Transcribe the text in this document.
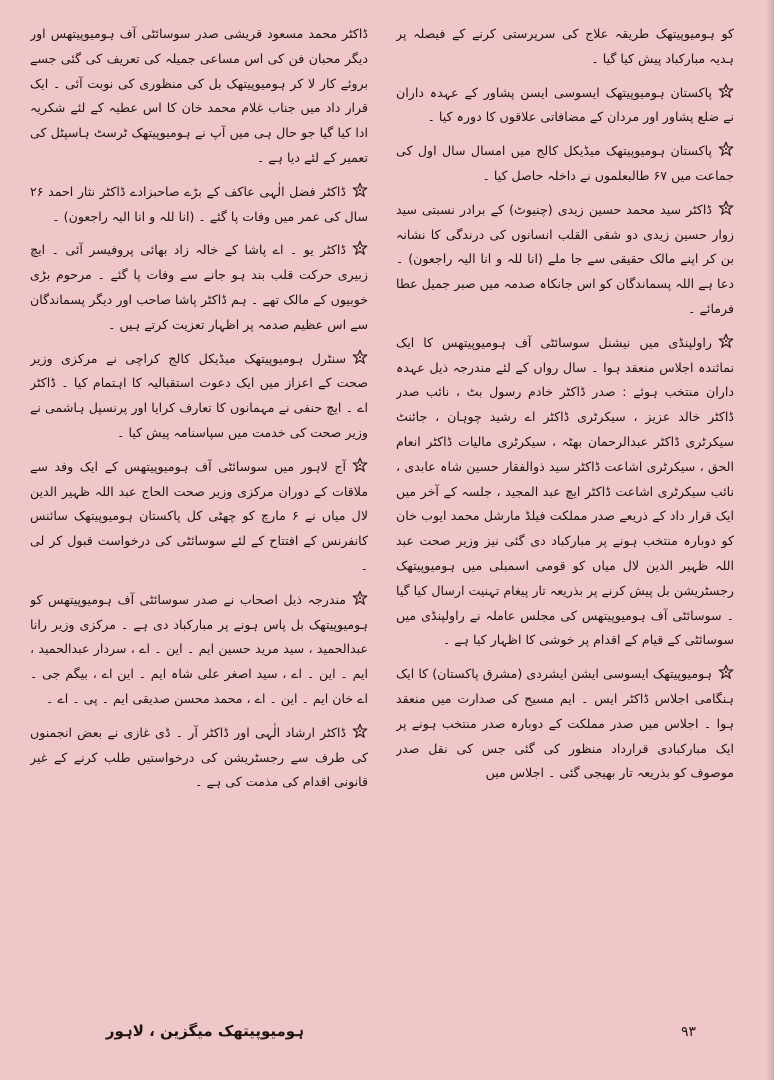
کو ہومیوپیتھک طریقہ علاج کی سرپرستی کرنے کے فیصلہ پر ہدیہ مبارکباد پیش کیا گیا ۔

پاکستان ہومیوپیتھک ایسوسی ایسن پشاور کے عہدہ داران نے ضلع پشاور اور مردان کے مضافاتی علاقوں کا دورہ کیا ۔

پاکستان ہومیوپیتھک میڈیکل کالج میں امسال سال اول کی جماعت میں ۶۷ طالبعلموں نے داخلہ حاصل کیا ۔

ڈاکٹر سید محمد حسین زیدی (چنیوٹ) کے برادر نسبتی سید زوار حسین زیدی دو شقی القلب انسانوں کی درندگی کا نشانہ بن کر اپنے مالک حقیقی سے جا ملے (انا للہ و انا الیہ راجعون) ۔ دعا ہے اللہ پسماندگان کو اس جانکاہ صدمہ میں صبر جمیل عطا فرمائے ۔

راولپنڈی میں نیشنل سوسائٹی آف ہومیوپیتھس کا ایک نمائندہ اجلاس منعقد ہوا ۔ سال رواں کے لئے مندرجہ ذیل عہدہ داران منتخب ہوئے : صدر ڈاکٹر خادم رسول بٹ ، نائب صدر ڈاکٹر خالد عزیز ، سیکرٹری ڈاکٹر اے رشید چوہان ، جائنٹ سیکرٹری ڈاکٹر عبدالرحمان بھٹہ ، سیکرٹری مالیات ڈاکٹر انعام الحق ، سیکرٹری اشاعت ڈاکٹر سید ذوالفقار حسین شاہ عابدی ، نائب سیکرٹری اشاعت ڈاکٹر ایچ عبد المجید ، جلسہ کے آخر میں ایک قرار داد کے ذریعے صدر مملکت فیلڈ مارشل محمد ایوب خان کو دوبارہ منتخب ہونے پر مبارکباد دی گئی نیز وزیر صحت عبد اللہ ظہیر الدین لال میاں کو قومی اسمبلی میں ہومیوپیتھک رجسٹریشن بل پیش کرنے پر بذریعہ تار پیغام تہنیت ارسال کیا گیا ۔ سوسائٹی آف ہومیوپیتھس کی مجلس عاملہ نے راولپنڈی میں سوسائٹی کے قیام کے اقدام پر خوشی کا اظہار کیا ہے ۔

ہومیوپیتھک ایسوسی ایشن ایشردی (مشرق پاکستان) کا ایک ہنگامی اجلاس ڈاکٹر ایس ۔ ایم مسیح کی صدارت میں منعقد ہوا ۔ اجلاس میں صدر مملکت کے دوبارہ صدر منتخب ہونے پر ایک مبارکبادی قرارداد منظور کی گئی جس کی نقل صدر موصوف کو بذریعہ تار بھیجی گئی ۔ اجلاس میں

ڈاکٹر محمد مسعود قریشی صدر سوسائٹی آف ہومیوپیتھس اور دیگر محبان فن کی اس مساعی جمیلہ کی تعریف کی گئی جسے بروئے کار لا کر ہومیوپیتھک بل کی منظوری کی نوبت آئی ۔ ایک قرار داد میں جناب غلام محمد خان کا اس عطیہ کے لئے شکریہ ادا کیا گیا جو حال ہی میں آپ نے ہومیوپیتھک ٹرسٹ ہاسپٹل کی تعمیر کے لئے دیا ہے ۔

ڈاکٹر فضل الٰہی عاکف کے بڑے صاحبزادے ڈاکٹر نثار احمد ۲۶ سال کی عمر میں وفات پا گئے ۔ (انا للہ و انا الیہ راجعون) ۔

ڈاکٹر یو ۔ اے پاشا کے خالہ زاد بھائی پروفیسر آئی ۔ ایچ زبیری حرکت قلب بند ہو جانے سے وفات پا گئے ۔ مرحوم بڑی خوبیوں کے مالک تھے ۔ ہم ڈاکٹر پاشا صاحب اور دیگر پسماندگان سے اس عظیم صدمہ پر اظہار تعزیت کرتے ہیں ۔

سنٹرل ہومیوپیتھک میڈیکل کالج کراچی نے مرکزی وزیر صحت کے اعزاز میں ایک دعوت استقبالیہ کا اہتمام کیا ۔ ڈاکٹر اے ۔ ایچ حنفی نے مہمانوں کا تعارف کرایا اور پرنسپل ہاشمی نے وزیر صحت کی خدمت میں سپاسنامہ پیش کیا ۔

آج لاہور میں سوسائٹی آف ہومیوپیتھس کے ایک وفد سے ملاقات کے دوران مرکزی وزیر صحت الحاج عبد اللہ ظہیر الدین لال میاں نے ۶ مارچ کو چھٹی کل پاکستان ہومیوپیتھک سائنس کانفرنس کے افتتاح کے لئے سوسائٹی کی درخواست قبول کر لی ۔

مندرجہ ذیل اصحاب نے صدر سوسائٹی آف ہومیوپیتھس کو ہومیوپیتھک بل پاس ہونے پر مبارکباد دی ہے ۔ مرکزی وزیر رانا عبدالحمید ، سید مرید حسین ایم ۔ این ۔ اے ، سردار عبدالحمید ، ایم ۔ این ۔ اے ، سید اصغر علی شاہ ایم ۔ این اے ، بیگم جی ۔ اے خان ایم ۔ این ۔ اے ، محمد محسن صدیقی ایم ۔ پی ۔ اے ۔

ڈاکٹر ارشاد الٰہی اور ڈاکٹر آر ۔ ڈی غازی نے بعض انجمنوں کی طرف سے رجسٹریشن کی درخواستیں طلب کرنے کے غیر قانونی اقدام کی مذمت کی ہے ۔

ہومیوپیتھک میگزین ، لاہور	۹۳
